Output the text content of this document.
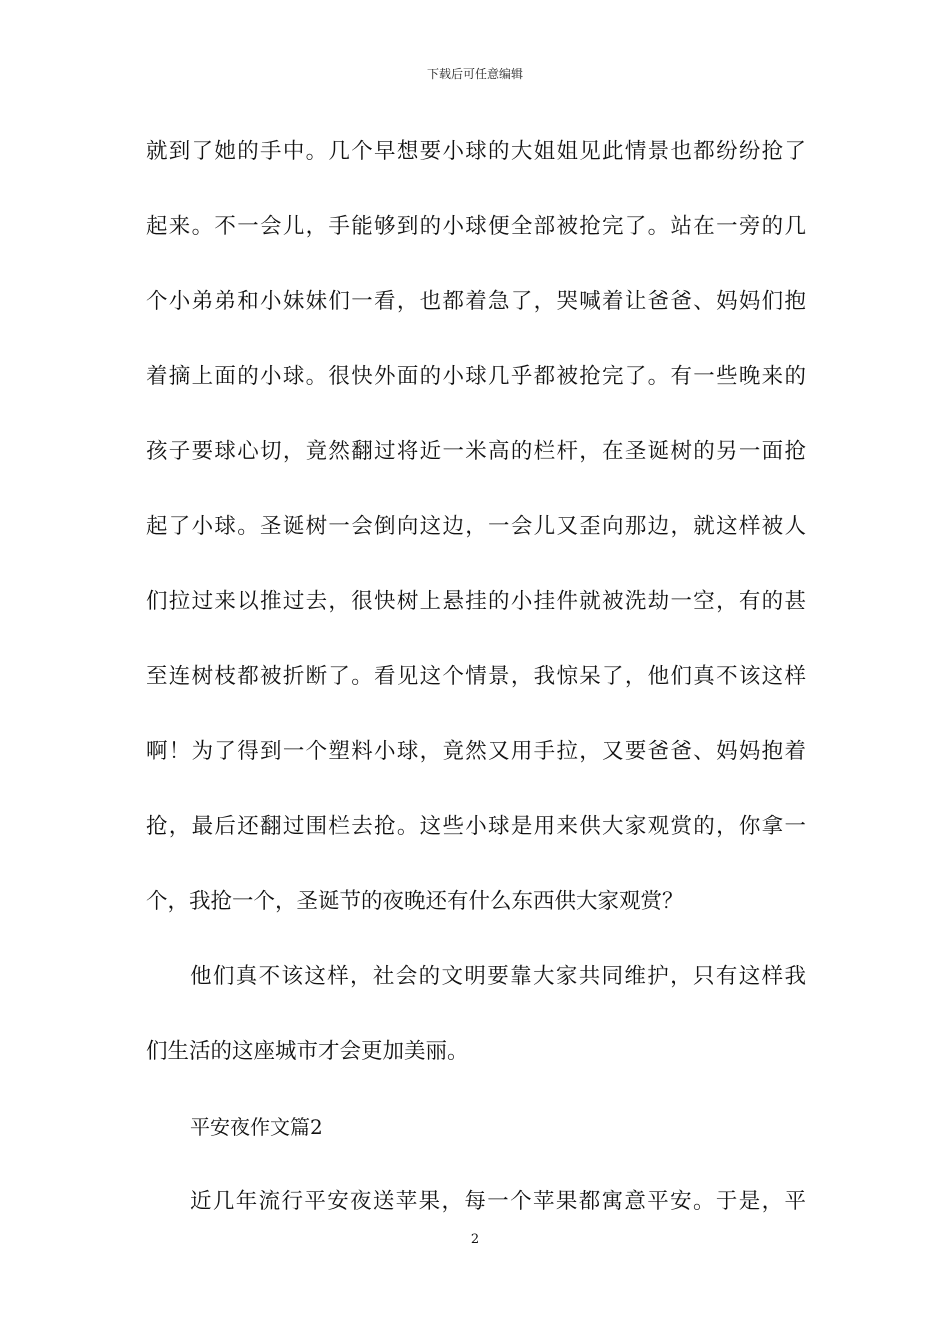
下载后可任意编辑
就到了她的手中。几个早想要小球的大姐姐见此情景也都纷纷抢了
起来。不一会儿，手能够到的小球便全部被抢完了。站在一旁的几
个小弟弟和小妹妹们一看，也都着急了，哭喊着让爸爸、妈妈们抱
着摘上面的小球。很快外面的小球几乎都被抢完了。有一些晚来的
孩子要球心切，竟然翻过将近一米高的栏杆，在圣诞树的另一面抢
起了小球。圣诞树一会倒向这边，一会儿又歪向那边，就这样被人
们拉过来以推过去，很快树上悬挂的小挂件就被洗劫一空，有的甚
至连树枝都被折断了。看见这个情景，我惊呆了，他们真不该这样
啊！为了得到一个塑料小球，竟然又用手拉，又要爸爸、妈妈抱着
抢，最后还翻过围栏去抢。这些小球是用来供大家观赏的，你拿一
个，我抢一个，圣诞节的夜晚还有什么东西供大家观赏？
他们真不该这样，社会的文明要靠大家共同维护，只有这样我
们生活的这座城市才会更加美丽。
平安夜作文篇2
近几年流行平安夜送苹果，每一个苹果都寓意平安。于是，平
2
